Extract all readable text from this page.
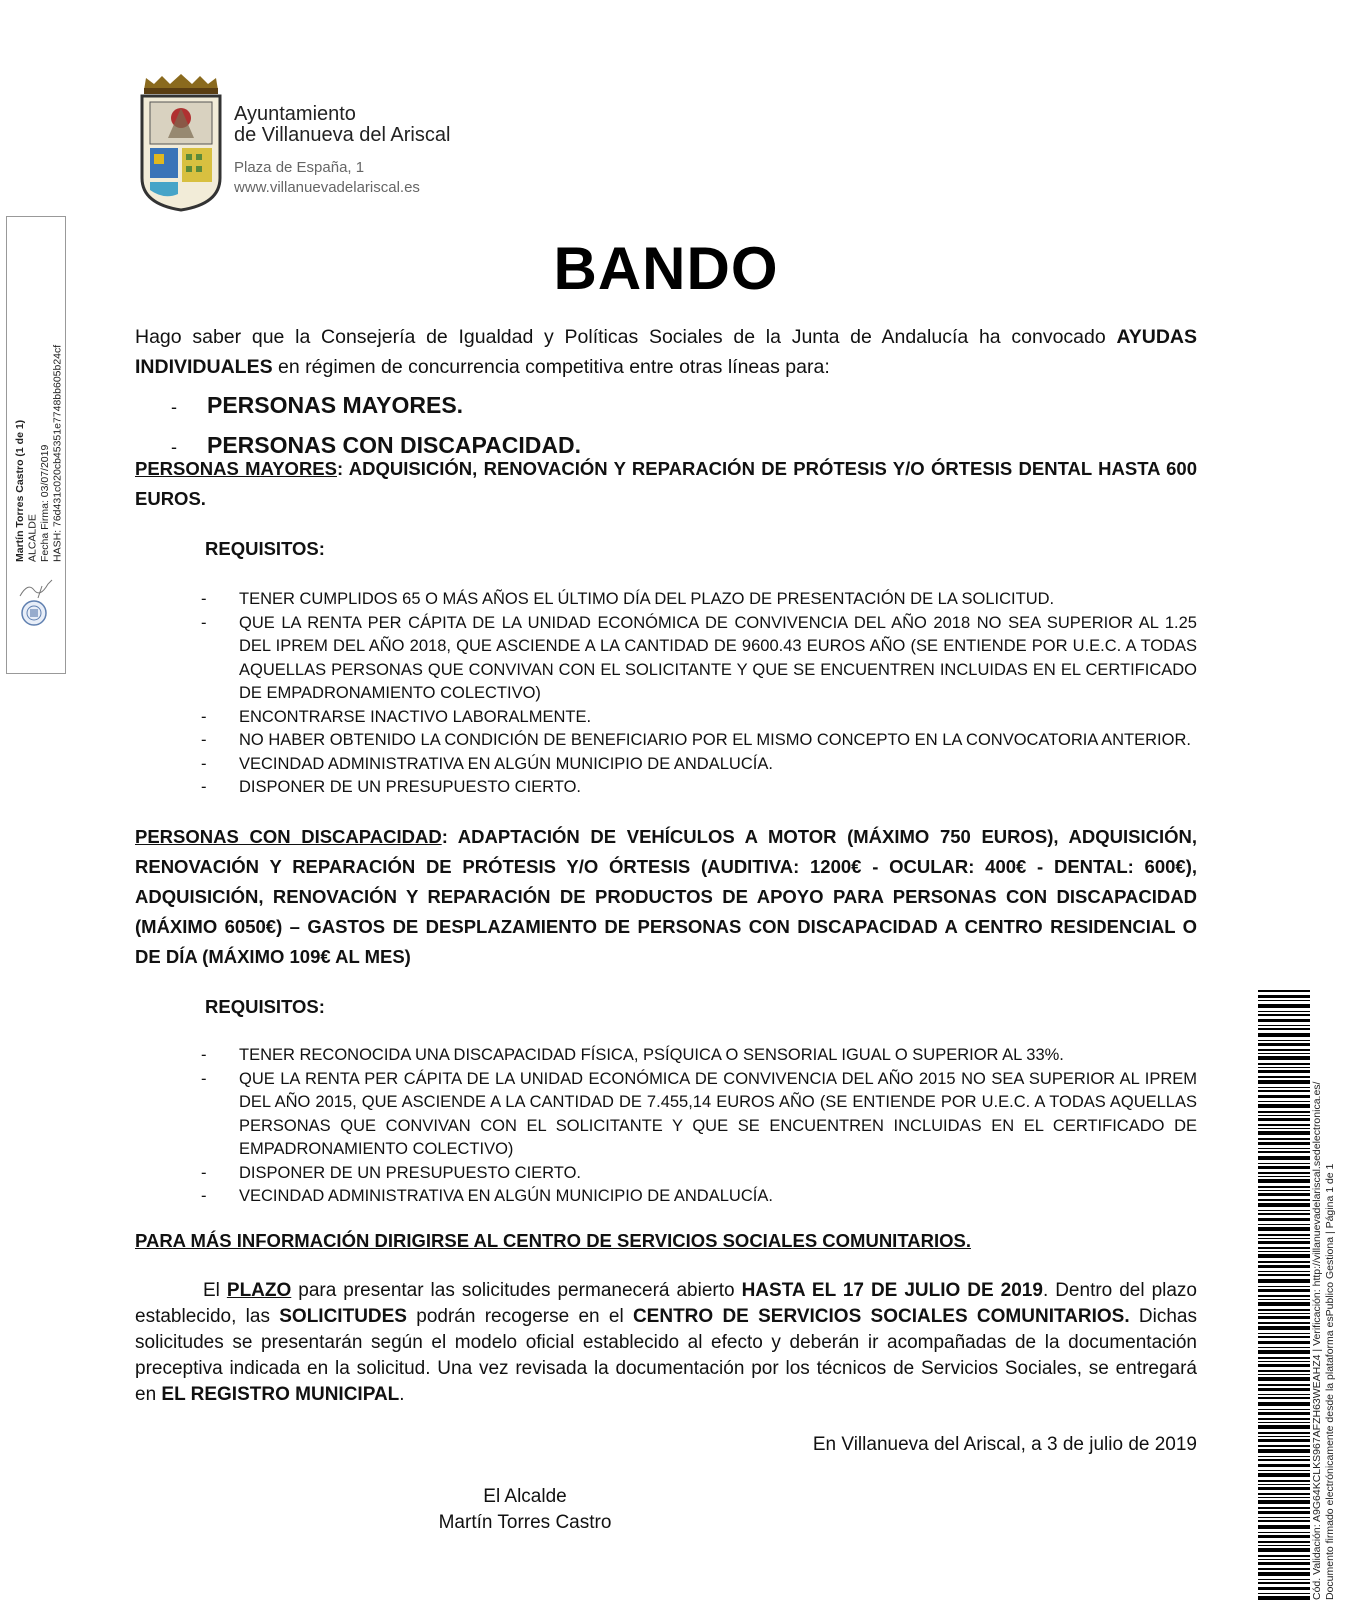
Ayuntamiento
de Villanueva del Ariscal
Plaza de España, 1
www.villanuevadelariscal.es
Martín Torres Castro (1 de 1) ALCALDE Fecha Firma: 03/07/2019 HASH: 76d431c020cb45351e7748bb605b24cf
Cód. Validación: A9G64KCLKS967AFZH63WEAHZ4 | Verificación: http://villanuevadelariscal.sedelectronica.es/ Documento firmado electrónicamente desde la plataforma esPublico Gestiona | Página 1 de 1
BANDO
Hago saber que la Consejería de Igualdad y Políticas Sociales de la Junta de Andalucía ha convocado AYUDAS INDIVIDUALES en régimen de concurrencia competitiva entre otras líneas para:
- PERSONAS MAYORES.
- PERSONAS CON DISCAPACIDAD.
PERSONAS MAYORES: ADQUISICIÓN, RENOVACIÓN Y REPARACIÓN DE PRÓTESIS Y/O ÓRTESIS DENTAL HASTA 600 EUROS.
REQUISITOS:
- TENER CUMPLIDOS 65 O MÁS AÑOS EL ÚLTIMO DÍA DEL PLAZO DE PRESENTACIÓN DE LA SOLICITUD.
- QUE LA RENTA PER CÁPITA DE LA UNIDAD ECONÓMICA DE CONVIVENCIA DEL AÑO 2018 NO SEA SUPERIOR AL 1.25 DEL IPREM DEL AÑO 2018, QUE ASCIENDE A LA CANTIDAD DE 9600.43 EUROS AÑO (SE ENTIENDE POR U.E.C. A TODAS AQUELLAS PERSONAS QUE CONVIVAN CON EL SOLICITANTE Y QUE SE ENCUENTREN INCLUIDAS EN EL CERTIFICADO DE EMPADRONAMIENTO COLECTIVO)
- ENCONTRARSE INACTIVO LABORALMENTE.
- NO HABER OBTENIDO LA CONDICIÓN DE BENEFICIARIO POR EL MISMO CONCEPTO EN LA CONVOCATORIA ANTERIOR.
- VECINDAD ADMINISTRATIVA EN ALGÚN MUNICIPIO DE ANDALUCÍA.
- DISPONER DE UN PRESUPUESTO CIERTO.
PERSONAS CON DISCAPACIDAD: ADAPTACIÓN DE VEHÍCULOS A MOTOR (MÁXIMO 750 EUROS), ADQUISICIÓN, RENOVACIÓN Y REPARACIÓN DE PRÓTESIS Y/O ÓRTESIS (AUDITIVA: 1200€ - OCULAR: 400€ - DENTAL: 600€), ADQUISICIÓN, RENOVACIÓN Y REPARACIÓN DE PRODUCTOS DE APOYO PARA PERSONAS CON DISCAPACIDAD (MÁXIMO 6050€) – GASTOS DE DESPLAZAMIENTO DE PERSONAS CON DISCAPACIDAD A CENTRO RESIDENCIAL O DE DÍA (MÁXIMO 109€ AL MES)
REQUISITOS:
- TENER RECONOCIDA UNA DISCAPACIDAD FÍSICA, PSÍQUICA O SENSORIAL IGUAL O SUPERIOR AL 33%.
- QUE LA RENTA PER CÁPITA DE LA UNIDAD ECONÓMICA DE CONVIVENCIA DEL AÑO 2015 NO SEA SUPERIOR AL IPREM DEL AÑO 2015, QUE ASCIENDE A LA CANTIDAD DE 7.455,14 EUROS AÑO (SE ENTIENDE POR U.E.C. A TODAS AQUELLAS PERSONAS QUE CONVIVAN CON EL SOLICITANTE Y QUE SE ENCUENTREN INCLUIDAS EN EL CERTIFICADO DE EMPADRONAMIENTO COLECTIVO)
- DISPONER DE UN PRESUPUESTO CIERTO.
- VECINDAD ADMINISTRATIVA EN ALGÚN MUNICIPIO DE ANDALUCÍA.
PARA MÁS INFORMACIÓN DIRIGIRSE AL CENTRO DE SERVICIOS SOCIALES COMUNITARIOS.
El PLAZO para presentar las solicitudes permanecerá abierto HASTA EL 17 DE JULIO DE 2019. Dentro del plazo establecido, las SOLICITUDES podrán recogerse en el CENTRO DE SERVICIOS SOCIALES COMUNITARIOS. Dichas solicitudes se presentarán según el modelo oficial establecido al efecto y deberán ir acompañadas de la documentación preceptiva indicada en la solicitud. Una vez revisada la documentación por los técnicos de Servicios Sociales, se entregará en EL REGISTRO MUNICIPAL.
En Villanueva del Ariscal, a 3 de julio de 2019
El Alcalde
Martín Torres Castro
